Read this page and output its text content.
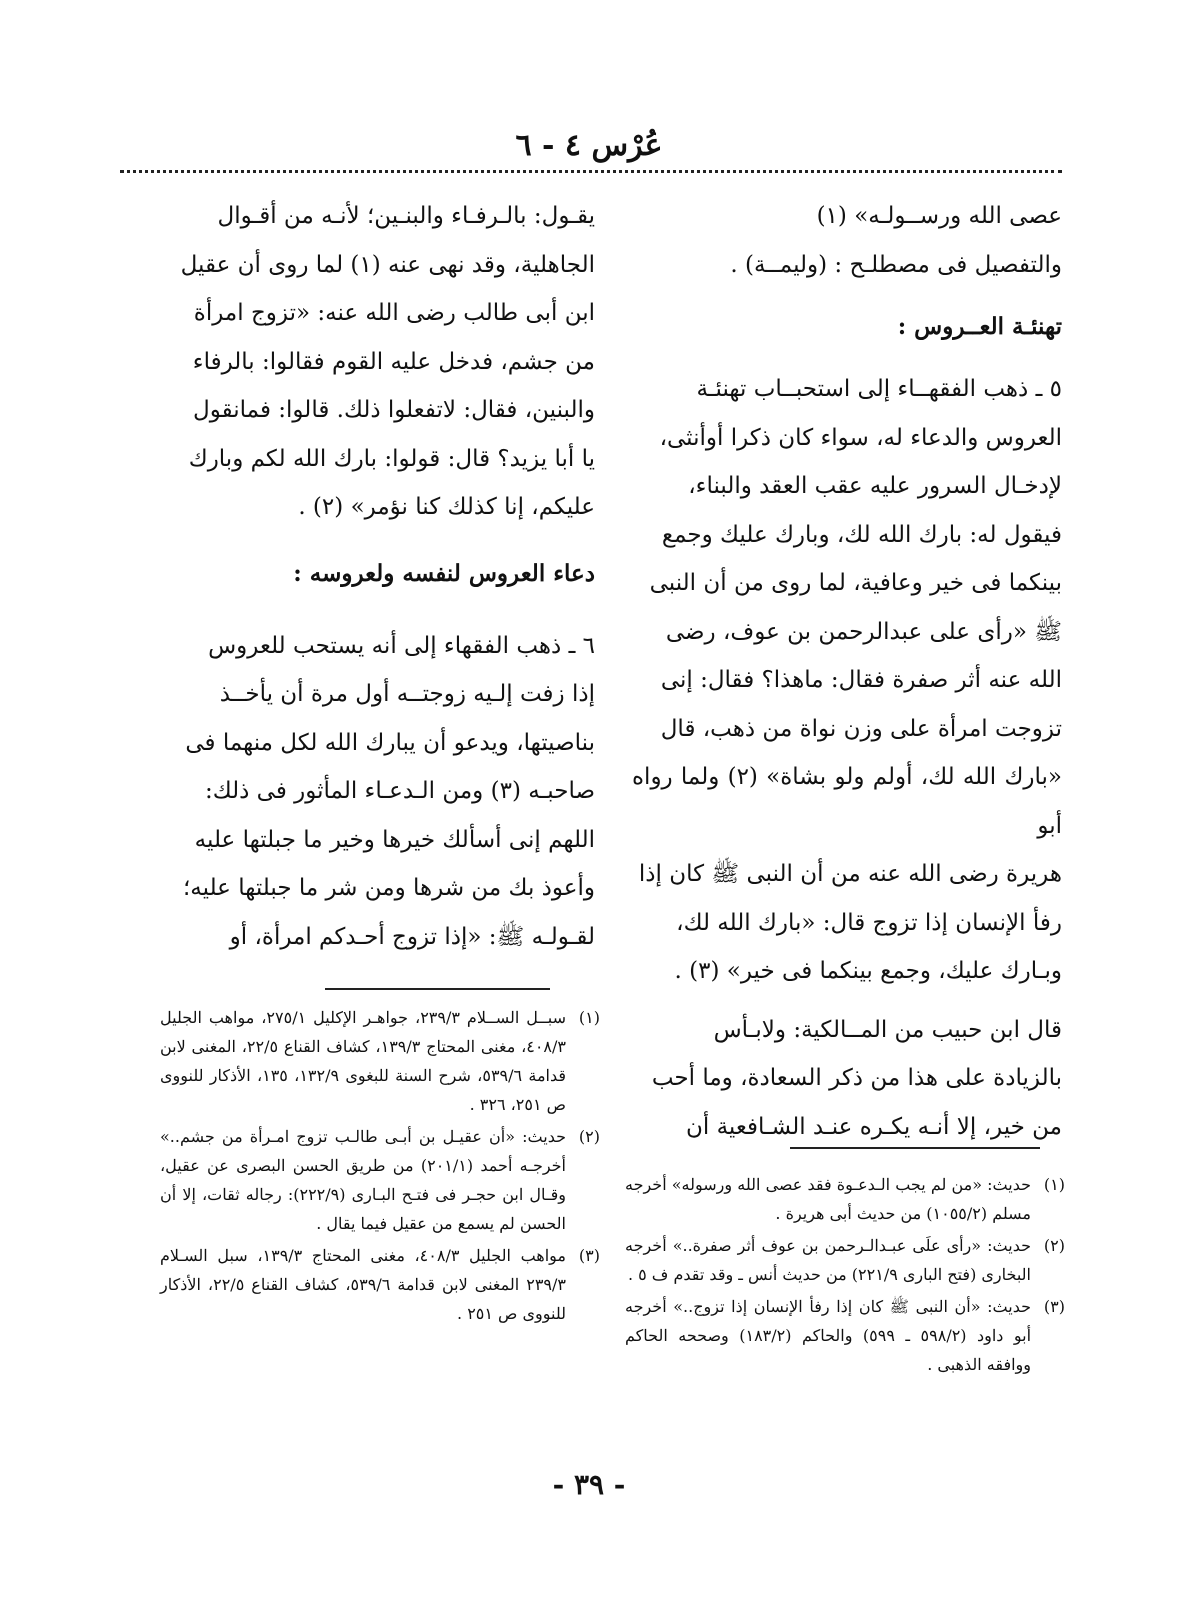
عُرْس ٤ - ٦

عصى الله ورســولـه» (١)

والتفصيل فى مصطلـح : (وليمــة) .

تهنئـة العــروس :

٥ ـ ذهب الفقهــاء إلى استحبــاب تهنئـة

العروس والدعاء له، سواء كان ذكرا أوأنثى،

لإدخـال السرور عليه عقب العقد والبناء،

فيقول له: بارك الله لك، وبارك عليك وجمع

بينكما فى خير وعافية، لما روى من أن النبى

ﷺ «رأى على عبدالرحمن بن عوف، رضى

الله عنه أثر صفرة فقال: ماهذا؟ فقال: إنى

تزوجت امرأة على وزن نواة من ذهب، قال

«بارك الله لك، أولم ولو بشاة» (٢) ولما رواه أبو

هريرة رضى الله عنه من أن النبى ﷺ كان إذا

رفأ الإنسان إذا تزوج قال: «بارك الله لك،

وبـارك عليك، وجمع بينكما فى خير» (٣) .

قال ابن حبيب من المــالكية: ولابـأس

بالزيادة على هذا من ذكر السعادة، وما أحب

من خير، إلا أنـه يكـره عنـد الشـافعية أن

يقـول: بالـرفـاء والبنـين؛ لأنـه من أقـوال

الجاهلية، وقد نهى عنه (١) لما روى أن عقيل

ابن أبى طالب رضى الله عنه: «تزوج امرأة

من جشم، فدخل عليه القوم فقالوا: بالرفاء

والبنين، فقال: لاتفعلوا ذلك. قالوا: فمانقول

يا أبا يزيد؟ قال: قولوا: بارك الله لكم وبارك

عليكم، إنا كذلك كنا نؤمر» (٢) .

دعاء العروس لنفسه ولعروسه :

٦ ـ ذهب الفقهاء إلى أنه يستحب للعروس

إذا زفت إلـيه زوجتــه أول مرة أن يأخــذ

بناصيتها، ويدعو أن يبارك الله لكل منهما فى

صاحبـه (٣) ومن الـدعـاء المأثور فى ذلك:

اللهم إنى أسألك خيرها وخير ما جبلتها عليه

وأعوذ بك من شرها ومن شر ما جبلتها عليه؛

لقـولـه ﷺ: «إذا تزوج أحـدكم امرأة، أو

(١)
سبــل الســلام ٢٣٩/٣، جواهـر الإكليل ٢٧٥/١، مواهب الجليل ٤٠٨/٣، مغنى المحتاج ١٣٩/٣، كشاف القناع ٢٢/٥، المغنى لابن قدامة ٥٣٩/٦، شرح السنة للبغوى ١٣٢/٩، ١٣٥، الأذكار للنووى ص ٢٥١، ٣٢٦ .
(٢)
حديث: «أن عقيـل بن أبـى طالـب تزوج امـرأة من جشم..» أخرجـه أحمد (٢٠١/١) من طريق الحسن البصرى عن عقيل، وقـال ابن حجـر فى فتـح البـارى (٢٢٢/٩): رجاله ثقات، إلا أن الحسن لم يسمع من عقيل فيما يقال .
(٣)
مواهب الجليل ٤٠٨/٣، مغنى المحتاج ١٣٩/٣، سبل السـلام ٢٣٩/٣ المغنى لابن قدامة ٥٣٩/٦، كشاف القناع ٢٢/٥، الأذكار للنووى ص ٢٥١ .
(١)
حديث: «من لم يجب الـدعـوة فقد عصى الله ورسوله» أخرجه مسلم (١٠٥٥/٢) من حديث أبى هريرة .
(٢)
حديث: «رأى علَى عبـدالـرحمن بن عوف أثر صفرة..» أخرجه البخارى (فتح البارى ٢٢١/٩) من حديث أنس ـ وقد تقدم ف ٥ .
(٣)
حديث: «أن النبى ﷺ كان إذا رفأ الإنسان إذا تزوج..» أخرجه أبو داود (٥٩٨/٢ ـ ٥٩٩) والحاكم (١٨٣/٢) وصححه الحاكم ووافقه الذهبى .
- ٣٩ -
